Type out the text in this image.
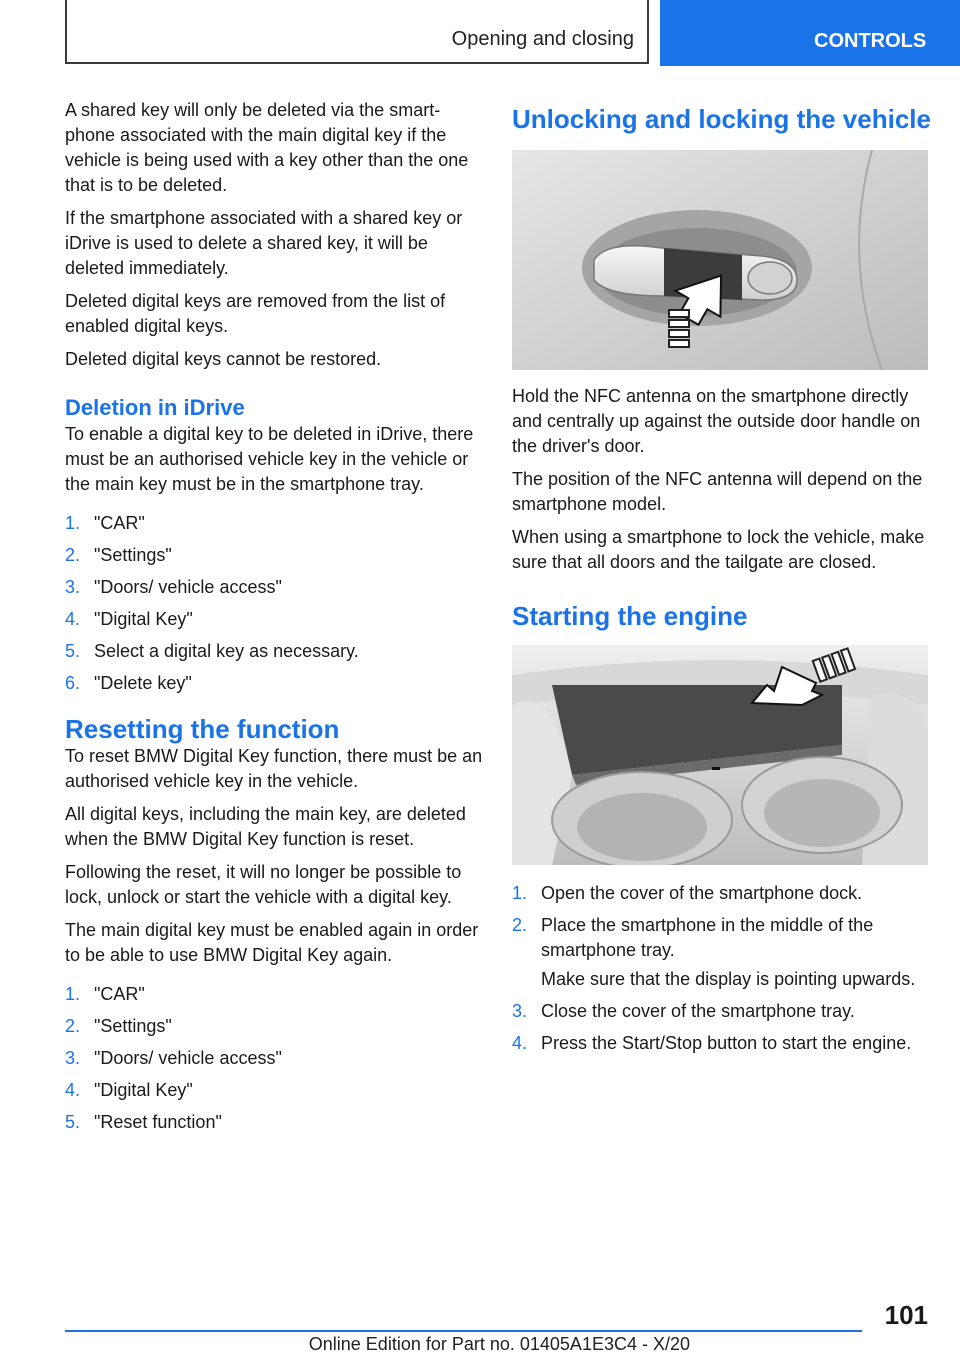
Opening and closing	CONTROLS

A shared key will only be deleted via the smartphone associated with the main digital key if the vehicle is being used with a key other than the one that is to be deleted.

If the smartphone associated with a shared key or iDrive is used to delete a shared key, it will be deleted immediately.

Deleted digital keys are removed from the list of enabled digital keys.

Deleted digital keys cannot be restored.

Deletion in iDrive

To enable a digital key to be deleted in iDrive, there must be an authorised vehicle key in the vehicle or the main key must be in the smartphone tray.

1. "CAR"
2. "Settings"
3. "Doors/ vehicle access"
4. "Digital Key"
5. Select a digital key as necessary.
6. "Delete key"
Resetting the function

To reset BMW Digital Key function, there must be an authorised vehicle key in the vehicle.

All digital keys, including the main key, are deleted when the BMW Digital Key function is reset.

Following the reset, it will no longer be possible to lock, unlock or start the vehicle with a digital key.

The main digital key must be enabled again in order to be able to use BMW Digital Key again.

1. "CAR"
2. "Settings"
3. "Doors/ vehicle access"
4. "Digital Key"
5. "Reset function"
Unlocking and locking the vehicle

Hold the NFC antenna on the smartphone directly and centrally up against the outside door handle on the driver's door.

The position of the NFC antenna will depend on the smartphone model.

When using a smartphone to lock the vehicle, make sure that all doors and the tailgate are closed.

Starting the engine
1. Open the cover of the smartphone dock.
2. Place the smartphone in the middle of the smartphone tray.

Make sure that the display is pointing upwards.

3. Close the cover of the smartphone tray.
4. Press the Start/Stop button to start the engine.
101
Online Edition for Part no. 01405A1E3C4 - X/20
